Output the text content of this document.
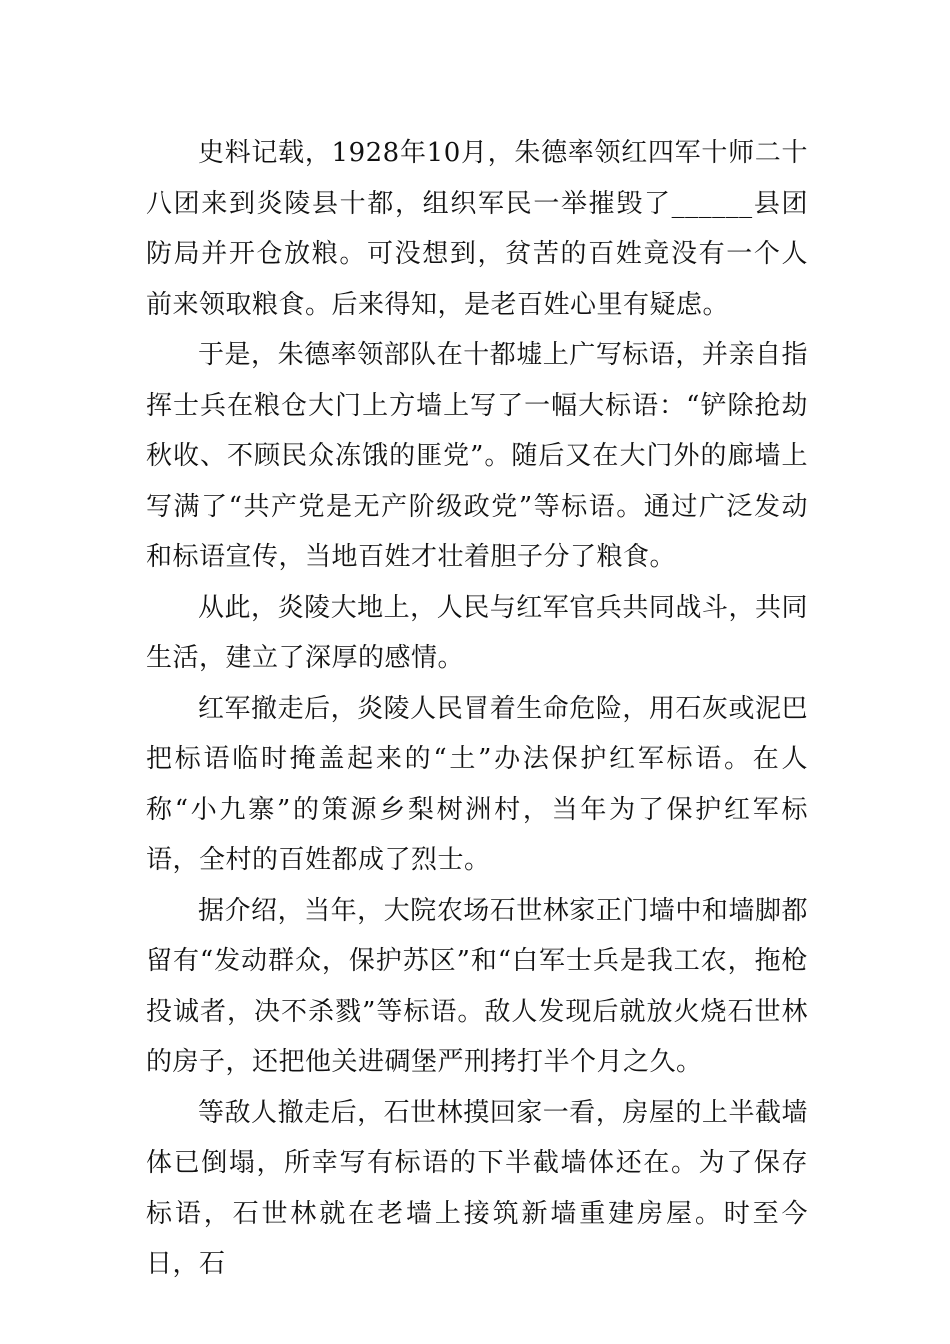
史料记载，1928年10月，朱德率领红四军十师二十八团来到炎陵县十都，组织军民一举摧毁了______县团防局并开仓放粮。可没想到，贫苦的百姓竟没有一个人前来领取粮食。后来得知，是老百姓心里有疑虑。

于是，朱德率领部队在十都墟上广写标语，并亲自指挥士兵在粮仓大门上方墙上写了一幅大标语：“铲除抢劫秋收、不顾民众冻饿的匪党”。随后又在大门外的廊墙上写满了“共产党是无产阶级政党”等标语。通过广泛发动和标语宣传，当地百姓才壮着胆子分了粮食。

从此，炎陵大地上，人民与红军官兵共同战斗，共同生活，建立了深厚的感情。

红军撤走后，炎陵人民冒着生命危险，用石灰或泥巴把标语临时掩盖起来的“土”办法保护红军标语。在人称“小九寨”的策源乡梨树洲村，当年为了保护红军标语，全村的百姓都成了烈士。

据介绍，当年，大院农场石世林家正门墙中和墙脚都留有“发动群众，保护苏区”和“白军士兵是我工农，拖枪投诚者，决不杀戮”等标语。敌人发现后就放火烧石世林的房子，还把他关进碉堡严刑拷打半个月之久。

等敌人撤走后，石世林摸回家一看，房屋的上半截墙体已倒塌，所幸写有标语的下半截墙体还在。为了保存标语，石世林就在老墙上接筑新墙重建房屋。时至今日，石
